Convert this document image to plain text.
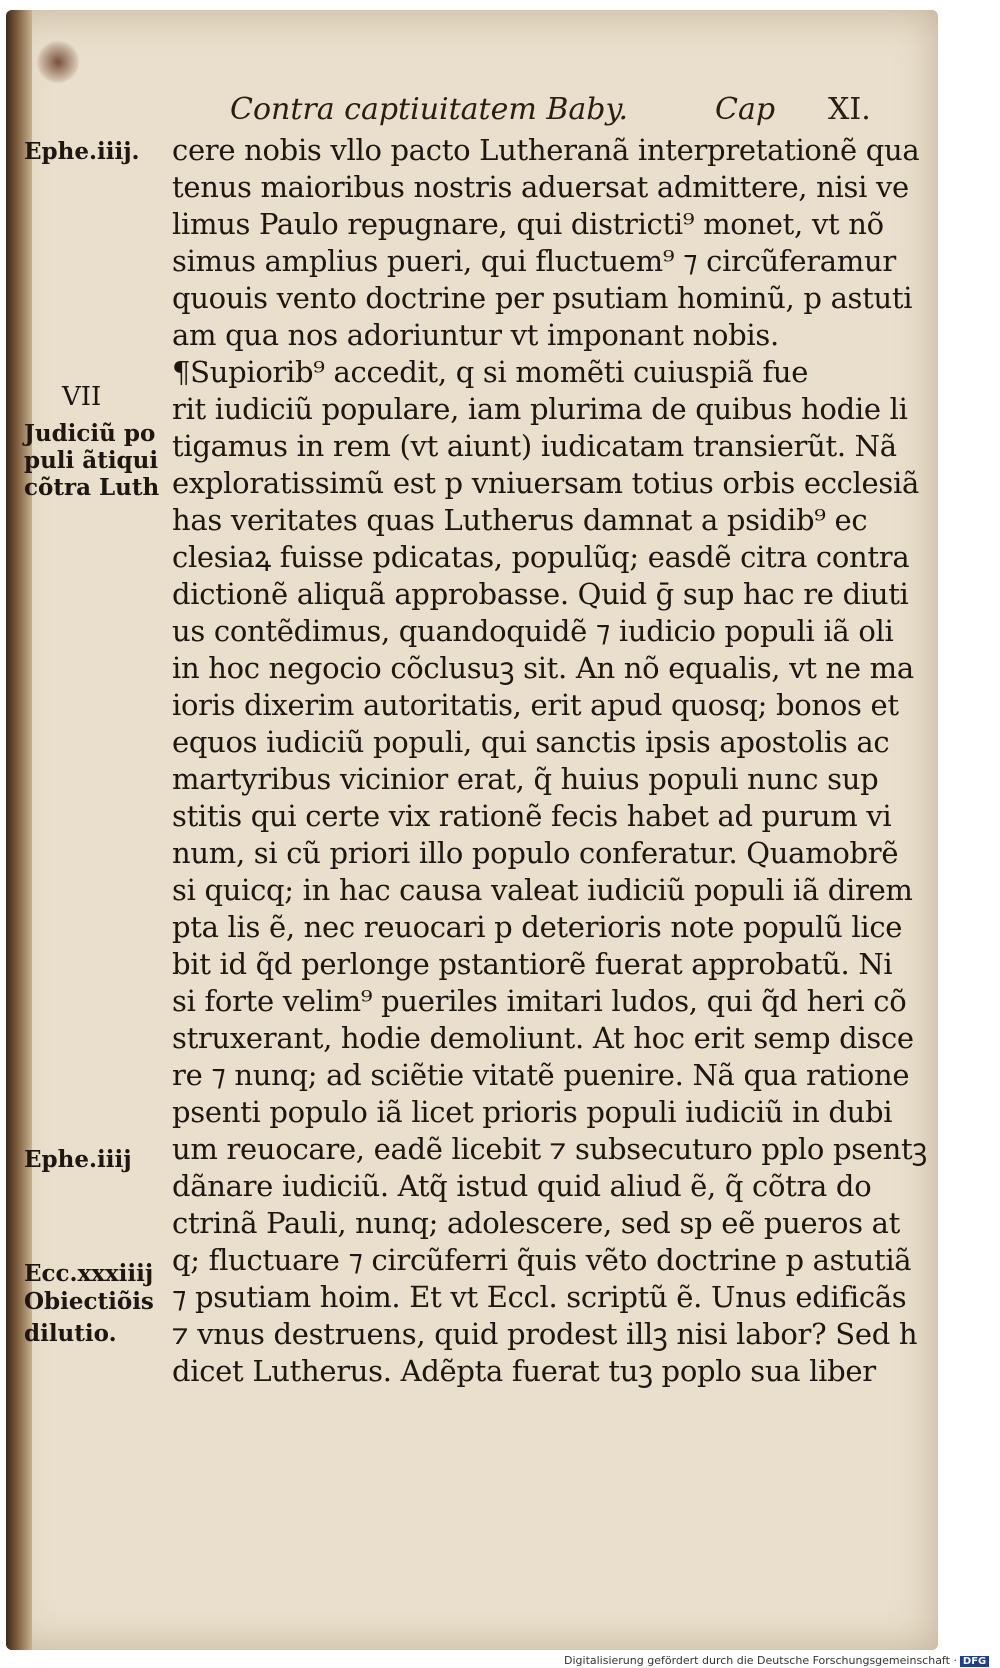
Contra captiuitatem Baby.	Cap XI.
Ephe.iiij.
VII
Judiciũ po
puli ãtiqui
cõtra Luth
Ephe.iiij
Ecc.xxxiiij
Obiectiõis
dilutio.
cere nobis vllo pacto Lutheranã interpretationẽ qua
tenus maioribus nostris aduersat admittere, nisi ve
limus Paulo repugnare, qui districti⁹ monet, vt nõ
simus amplius pueri, qui fluctuem⁹ ⁊ circũferamur
quouis vento doctrine per psutiam hominũ, p astuti
am qua nos adoriuntur vt imponant nobis.
¶Supiorib⁹ accedit, q si momẽti cuiuspiã fue
rit iudiciũ populare, iam plurima de quibus hodie li
tigamus in rem (vt aiunt) iudicatam transierũt. Nã
exploratissimũ est p vniuersam totius orbis ecclesiã
has veritates quas Lutherus damnat a psidib⁹ ec
clesiaꝝ fuisse pdicatas, populũq; easdẽ citra contra
dictionẽ aliquã approbasse. Quid ḡ sup hac re diuti
us contẽdimus, quandoquidẽ ⁊ iudicio populi iã oli
in hoc negocio cõclusuꝫ sit. An nõ equalis, vt ne ma
ioris dixerim autoritatis, erit apud quosq; bonos et
equos iudiciũ populi, qui sanctis ipsis apostolis ac
martyribus vicinior erat, q̃ huius populi nunc sup
stitis qui certe vix rationẽ fecis habet ad purum vi
num, si cũ priori illo populo conferatur. Quamobrẽ
si quicq; in hac causa valeat iudiciũ populi iã direm
pta lis ẽ, nec reuocari p deterioris note populũ lice
bit id q̃d perlonge pstantiorẽ fuerat approbatũ. Ni
si forte velim⁹ pueriles imitari ludos, qui q̃d heri cõ
struxerant, hodie demoliunt. At hoc erit semp disce
re ⁊ nunq; ad sciẽtie vitatẽ puenire. Nã qua ratione
psenti populo iã licet prioris populi iudiciũ in dubi
um reuocare, eadẽ licebit ⁊ subsecuturo pplo psentꝫ
dãnare iudiciũ. Atq̃ istud quid aliud ẽ, q̃ cõtra do
ctrinã Pauli, nunq; adolescere, sed sp eẽ pueros at
q; fluctuare ⁊ circũferri q̃uis vẽto doctrine p astutiã
⁊ psutiam hoim. Et vt Eccl. scriptũ ẽ. Unus edificãs
⁊ vnus destruens, quid prodest illꝫ nisi labor? Sed h
dicet Lutherus. Adẽpta fuerat tuꝫ poplo sua liber
Digitalisierung gefördert durch die Deutsche Forschungsgemeinschaft · DFG
